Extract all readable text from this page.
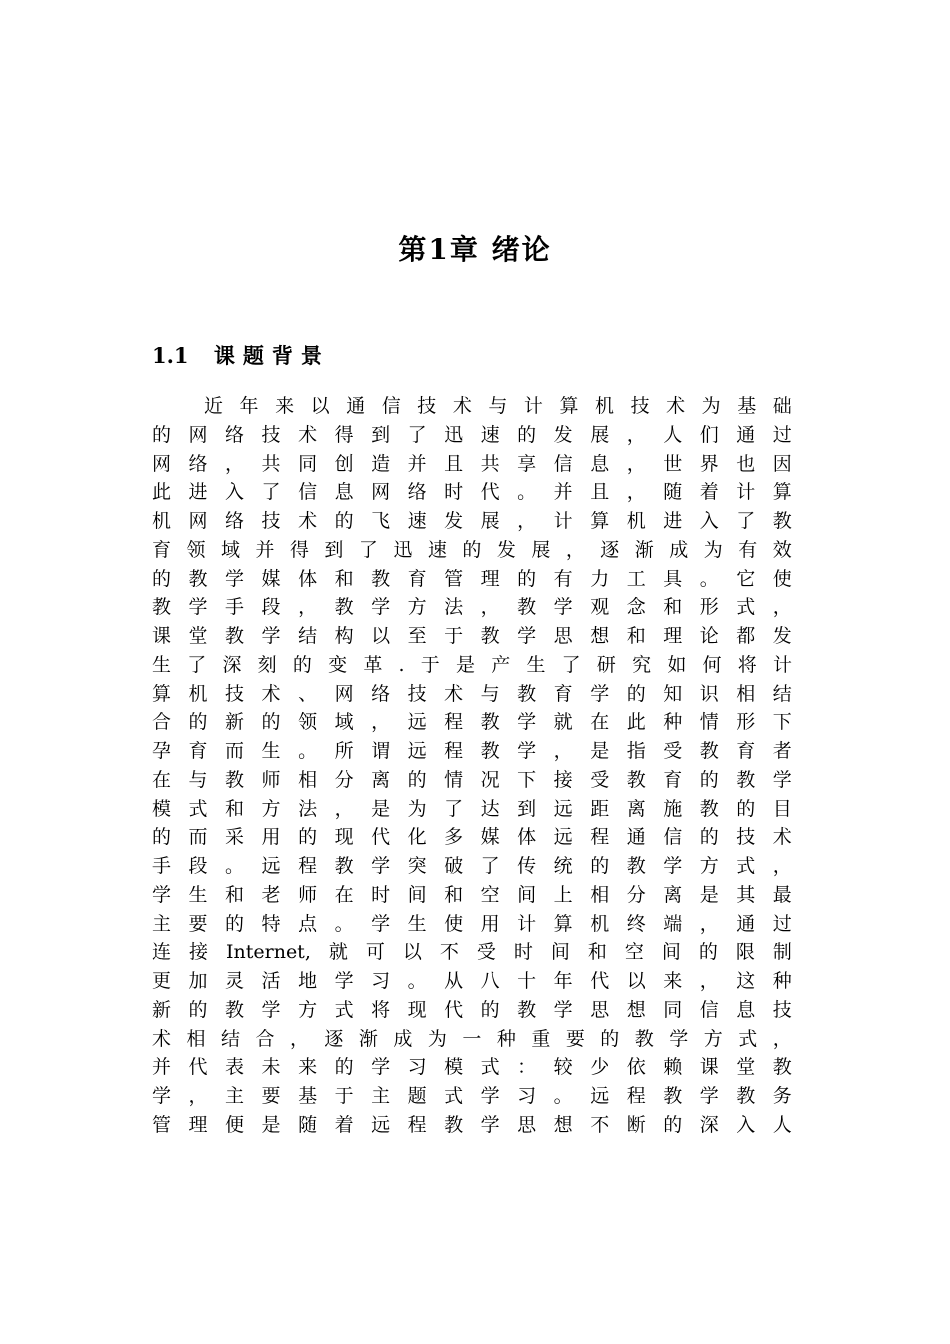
第1章 绪论
1.1 课题背景
近 年 来 以 通 信 技 术 与 计 算 机 技 术 为 基 础
的 网 络 技 术 得 到 了 迅 速 的 发 展 ， 人 们 通 过
网 络 ， 共 同 创 造 并 且 共 享 信 息 ， 世 界 也 因
此 进 入 了 信 息 网 络 时 代 。 并 且 ， 随 着 计 算
机 网 络 技 术 的 飞 速 发 展 ， 计 算 机 进 入 了 教
育 领 域 并 得 到 了 迅 速 的 发 展 ， 逐 渐 成 为 有 效
的 教 学 媒 体 和 教 育 管 理 的 有 力 工 具 。 它 使
教 学 手 段 ， 教 学 方 法 ， 教 学 观 念 和 形 式 ，
课 堂 教 学 结 构 以 至 于 教 学 思 想 和 理 论 都 发
生 了 深 刻 的 变 革 . 于 是 产 生 了 研 究 如 何 将 计
算 机 技 术 、 网 络 技 术 与 教 育 学 的 知 识 相 结
合 的 新 的 领 域 ， 远 程 教 学 就 在 此 种 情 形 下
孕 育 而 生 。 所 谓 远 程 教 学 ， 是 指 受 教 育 者
在 与 教 师 相 分 离 的 情 况 下 接 受 教 育 的 教 学
模 式 和 方 法 ， 是 为 了 达 到 远 距 离 施 教 的 目
的 而 采 用 的 现 代 化 多 媒 体 远 程 通 信 的 技 术
手 段 。 远 程 教 学 突 破 了 传 统 的 教 学 方 式 ，
学 生 和 老 师 在 时 间 和 空 间 上 相 分 离 是 其 最
主 要 的 特 点 。 学 生 使 用 计 算 机 终 端 ， 通 过
连 接 Internet, 就 可 以 不 受 时 间 和 空 间 的 限 制
更 加 灵 活 地 学 习 。 从 八 十 年 代 以 来 ， 这 种
新 的 教 学 方 式 将 现 代 的 教 学 思 想 同 信 息 技
术 相 结 合 ， 逐 渐 成 为 一 种 重 要 的 教 学 方 式 ，
并 代 表 未 来 的 学 习 模 式 ： 较 少 依 赖 课 堂 教
学 ， 主 要 基 于 主 题 式 学 习 。 远 程 教 学 教 务
管 理 便 是 随 着 远 程 教 学 思 想 不 断 的 深 入 人
